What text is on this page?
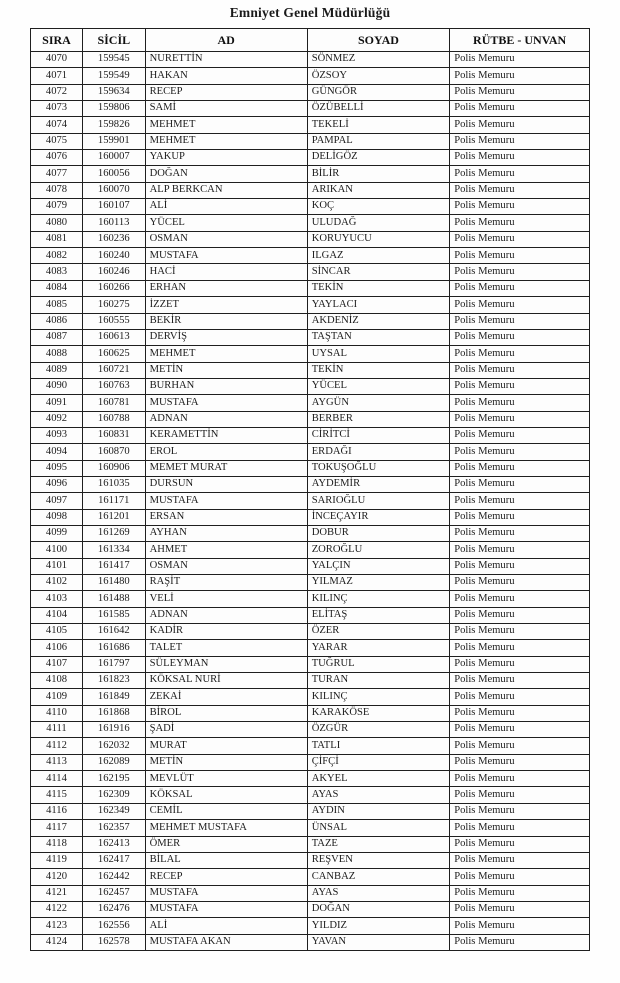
Emniyet Genel Müdürlüğü
SIRA	SİCİL	AD	SOYAD	RÜTBE - UNVAN
4070	159545	NURETTİN	SÖNMEZ	Polis Memuru
4071	159549	HAKAN	ÖZSOY	Polis Memuru
4072	159634	RECEP	GÜNGÖR	Polis Memuru
4073	159806	SAMİ	ÖZÜBELLİ	Polis Memuru
4074	159826	MEHMET	TEKELİ	Polis Memuru
4075	159901	MEHMET	PAMPAL	Polis Memuru
4076	160007	YAKUP	DELİGÖZ	Polis Memuru
4077	160056	DOĞAN	BİLİR	Polis Memuru
4078	160070	ALP BERKCAN	ARIKAN	Polis Memuru
4079	160107	ALİ	KOÇ	Polis Memuru
4080	160113	YÜCEL	ULUDAĞ	Polis Memuru
4081	160236	OSMAN	KORUYUCU	Polis Memuru
4082	160240	MUSTAFA	ILGAZ	Polis Memuru
4083	160246	HACİ	SİNCAR	Polis Memuru
4084	160266	ERHAN	TEKİN	Polis Memuru
4085	160275	İZZET	YAYLACI	Polis Memuru
4086	160555	BEKİR	AKDENİZ	Polis Memuru
4087	160613	DERVİŞ	TAŞTAN	Polis Memuru
4088	160625	MEHMET	UYSAL	Polis Memuru
4089	160721	METİN	TEKİN	Polis Memuru
4090	160763	BURHAN	YÜCEL	Polis Memuru
4091	160781	MUSTAFA	AYGÜN	Polis Memuru
4092	160788	ADNAN	BERBER	Polis Memuru
4093	160831	KERAMETTİN	CİRİTCİ	Polis Memuru
4094	160870	EROL	ERDAĞI	Polis Memuru
4095	160906	MEMET MURAT	TOKUŞOĞLU	Polis Memuru
4096	161035	DURSUN	AYDEMİR	Polis Memuru
4097	161171	MUSTAFA	SARIOĞLU	Polis Memuru
4098	161201	ERSAN	İNCEÇAYIR	Polis Memuru
4099	161269	AYHAN	DOBUR	Polis Memuru
4100	161334	AHMET	ZOROĞLU	Polis Memuru
4101	161417	OSMAN	YALÇIN	Polis Memuru
4102	161480	RAŞİT	YILMAZ	Polis Memuru
4103	161488	VELİ	KILINÇ	Polis Memuru
4104	161585	ADNAN	ELİTAŞ	Polis Memuru
4105	161642	KADİR	ÖZER	Polis Memuru
4106	161686	TALET	YARAR	Polis Memuru
4107	161797	SÜLEYMAN	TUĞRUL	Polis Memuru
4108	161823	KÖKSAL NURİ	TURAN	Polis Memuru
4109	161849	ZEKAİ	KILINÇ	Polis Memuru
4110	161868	BİROL	KARAKÖSE	Polis Memuru
4111	161916	ŞADİ	ÖZGÜR	Polis Memuru
4112	162032	MURAT	TATLI	Polis Memuru
4113	162089	METİN	ÇİFÇİ	Polis Memuru
4114	162195	MEVLÜT	AKYEL	Polis Memuru
4115	162309	KÖKSAL	AYAS	Polis Memuru
4116	162349	CEMİL	AYDIN	Polis Memuru
4117	162357	MEHMET MUSTAFA	ÜNSAL	Polis Memuru
4118	162413	ÖMER	TAZE	Polis Memuru
4119	162417	BİLAL	REŞVEN	Polis Memuru
4120	162442	RECEP	CANBAZ	Polis Memuru
4121	162457	MUSTAFA	AYAS	Polis Memuru
4122	162476	MUSTAFA	DOĞAN	Polis Memuru
4123	162556	ALİ	YILDIZ	Polis Memuru
4124	162578	MUSTAFA AKAN	YAVAN	Polis Memuru
